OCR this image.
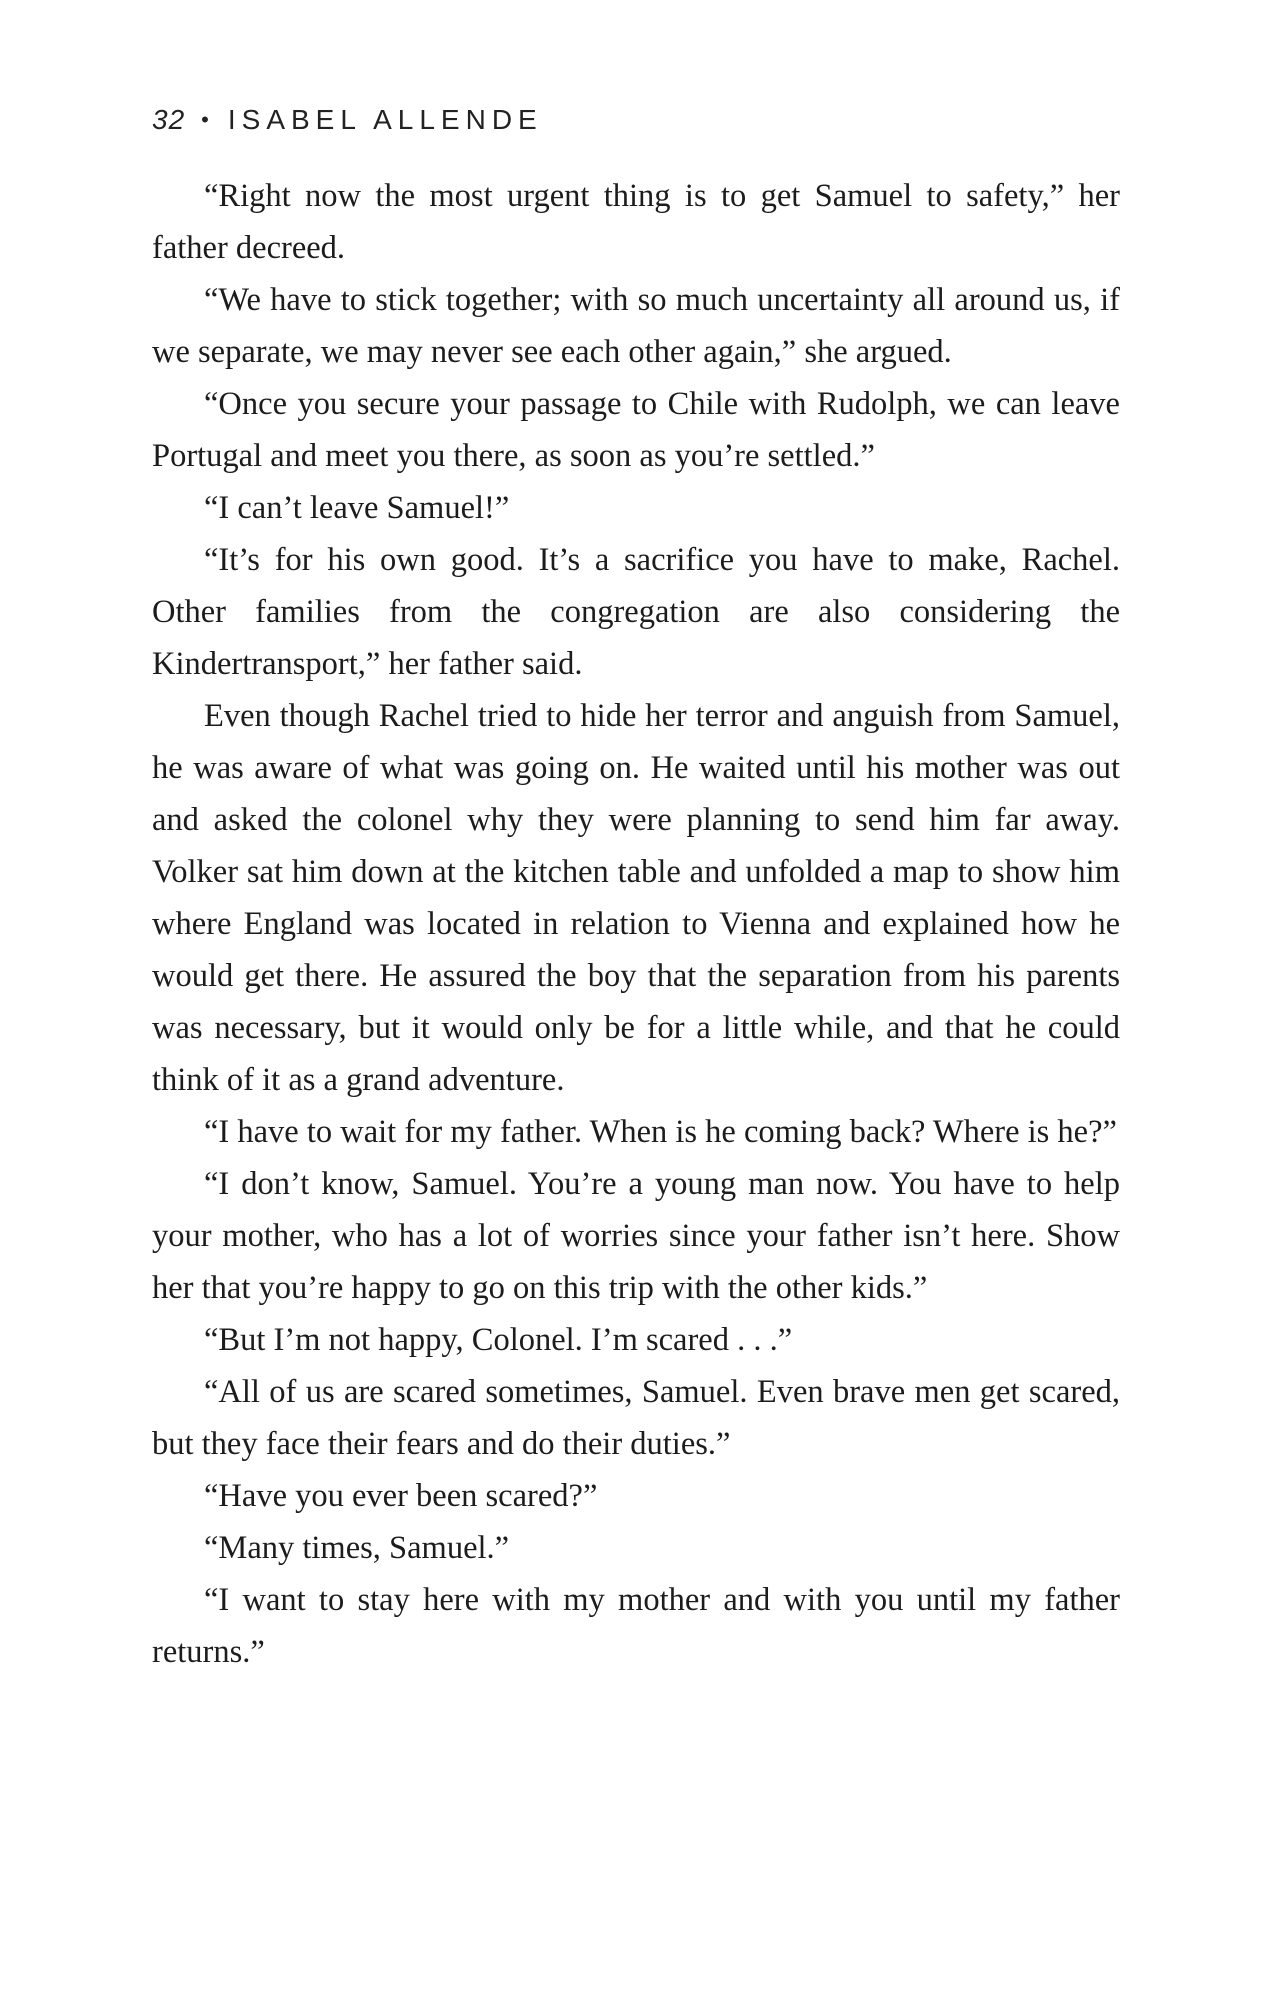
32 • ISABEL ALLENDE

“Right now the most urgent thing is to get Samuel to safety,” her father decreed.

“We have to stick together; with so much uncertainty all around us, if we separate, we may never see each other again,” she argued.

“Once you secure your passage to Chile with Rudolph, we can leave Portugal and meet you there, as soon as you’re settled.”

“I can’t leave Samuel!”

“It’s for his own good. It’s a sacrifice you have to make, Rachel. Other families from the congregation are also considering the Kindertransport,” her father said.

Even though Rachel tried to hide her terror and anguish from Samuel, he was aware of what was going on. He waited until his mother was out and asked the colonel why they were planning to send him far away. Volker sat him down at the kitchen table and unfolded a map to show him where England was located in relation to Vienna and explained how he would get there. He assured the boy that the separation from his parents was necessary, but it would only be for a little while, and that he could think of it as a grand adventure.

“I have to wait for my father. When is he coming back? Where is he?”

“I don’t know, Samuel. You’re a young man now. You have to help your mother, who has a lot of worries since your father isn’t here. Show her that you’re happy to go on this trip with the other kids.”

“But I’m not happy, Colonel. I’m scared . . .”

“All of us are scared sometimes, Samuel. Even brave men get scared, but they face their fears and do their duties.”

“Have you ever been scared?”

“Many times, Samuel.”

“I want to stay here with my mother and with you until my father returns.”
